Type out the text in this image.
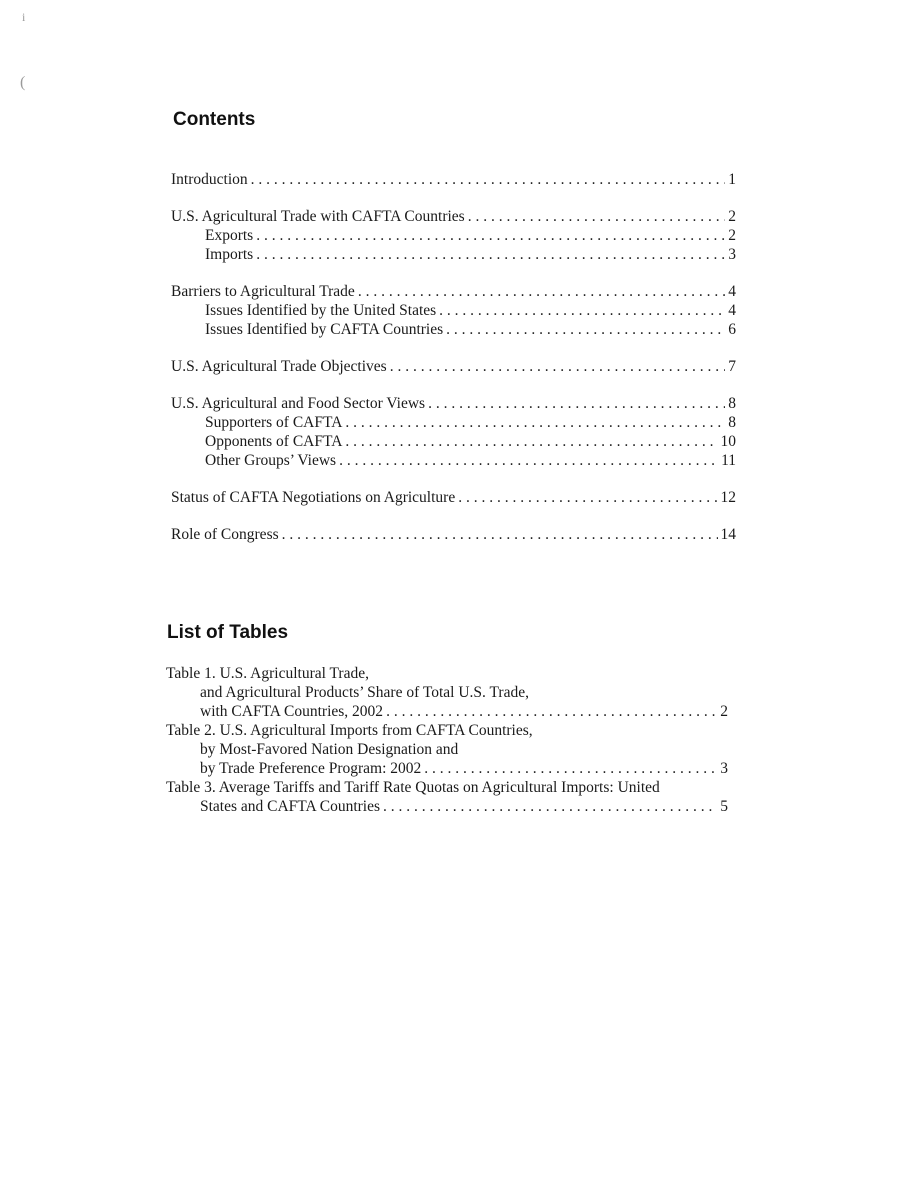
i
(
Contents
Introduction . . .	1
U.S. Agricultural Trade with CAFTA Countries . . .	2
Exports . . .	2
Imports . . .	3
Barriers to Agricultural Trade . . .	4
Issues Identified by the United States . . .	4
Issues Identified by CAFTA Countries . . .	6
U.S. Agricultural Trade Objectives . . .	7
U.S. Agricultural and Food Sector Views . . .	8
Supporters of CAFTA . . .	8
Opponents of CAFTA . . .	10
Other Groups’ Views . . .	11
Status of CAFTA Negotiations on Agriculture . . .	12
Role of Congress . . .	14
List of Tables
Table 1. U.S. Agricultural Trade,
and Agricultural Products’ Share of Total U.S. Trade,
with CAFTA Countries, 2002 . . .	2
Table 2. U.S. Agricultural Imports from CAFTA Countries,
by Most-Favored Nation Designation and
by Trade Preference Program: 2002 . . .	3
Table 3. Average Tariffs and Tariff Rate Quotas on Agricultural Imports: United
States and CAFTA Countries . . .	5
